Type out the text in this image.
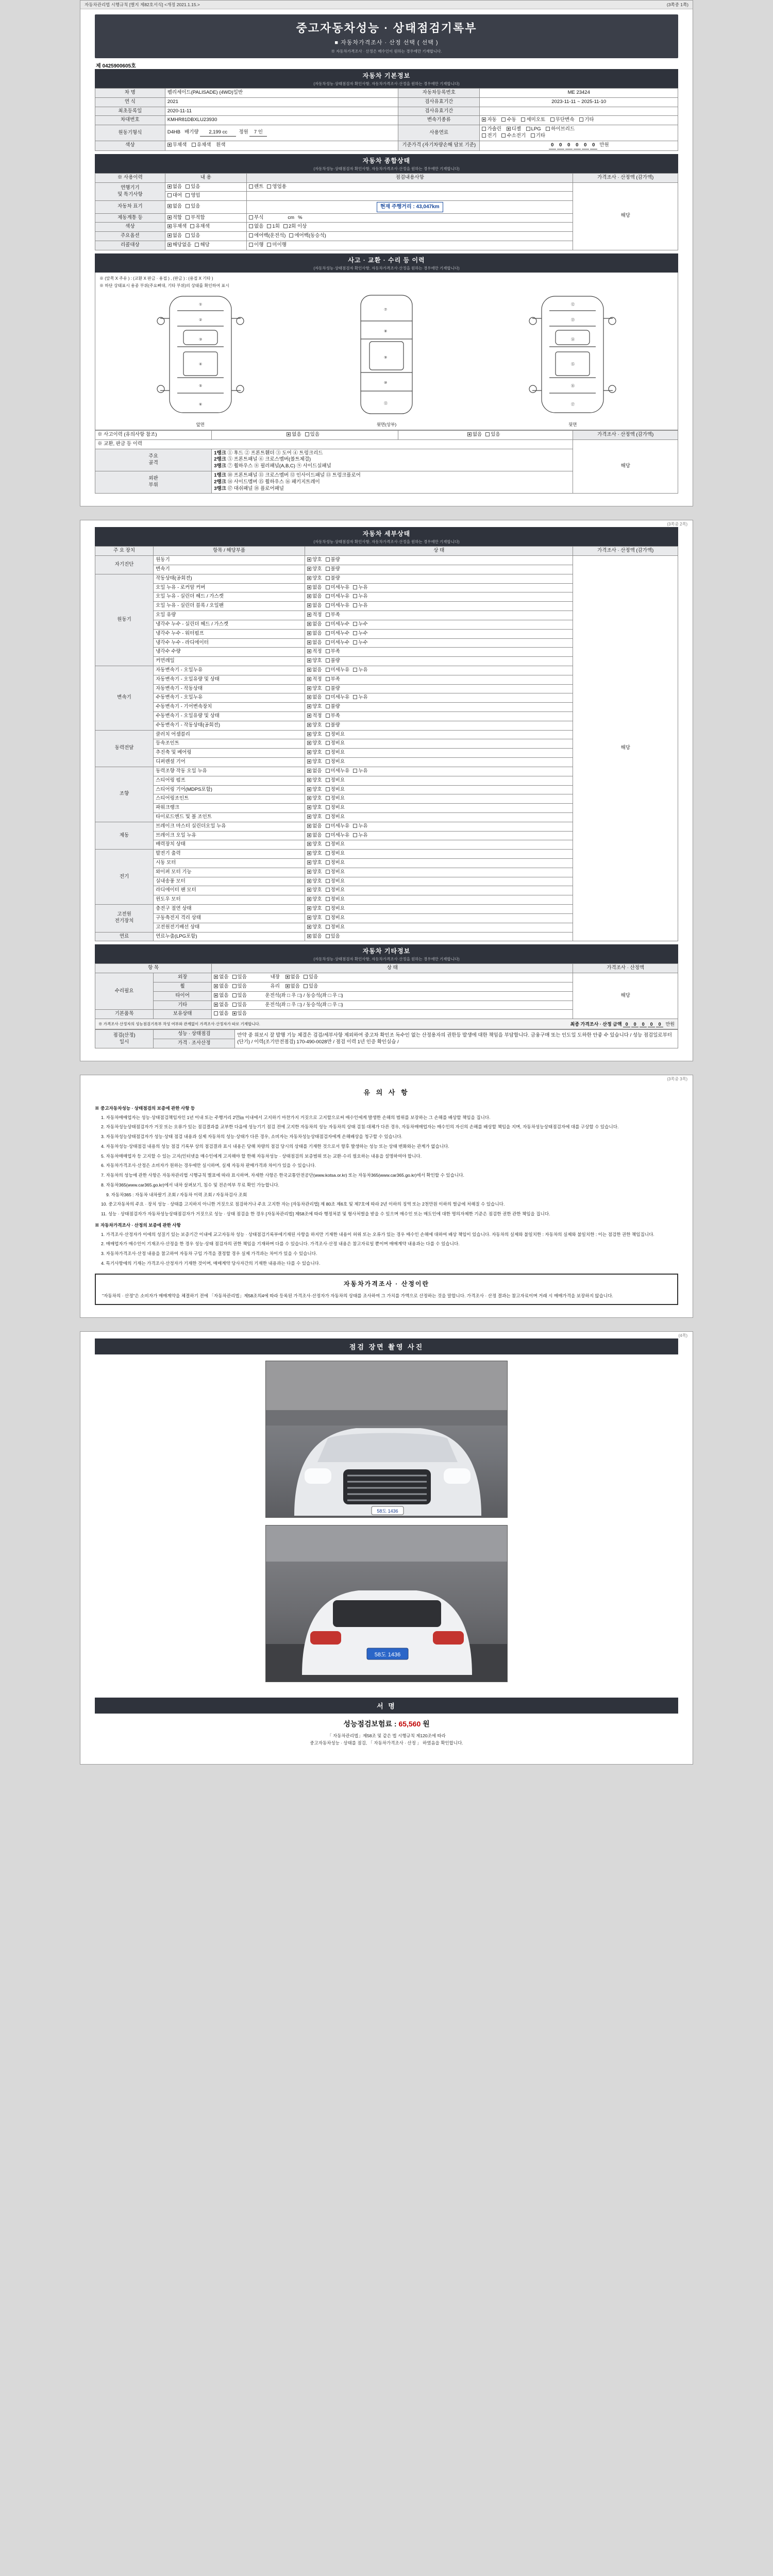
자동차관리법 시행규칙 [별지 제82호서식] <개정 2021.1.15.>	(3쪽중 1쪽)
중고자동차성능 · 상태점검기록부
■ 자동차가격조사 · 산정 선택 ( 선택 )
※ 자동차가격조사 · 산정은 매수인이 원하는 경우에만 기재합니다.
제 0425900605호
자동차 기본정보
(자동차성능·상태점검자 확인사항, 자동차가격조사·산정을 원하는 경우에만 기재합니다)
차 명	펠리세이드(PALISADE) (4WD)일반	자동차등록번호	ME 23424
연 식	2021	검사유효기간	2023-11-11 ~ 2025-11-10
최초등록일	2020-11-11	검사유효기간	
차대번호	KMHR81DBXLU23930	변속기종류	자동 수동 세미오토 무단변속 기타
원동기형식	D4HB 배기량 2,199 cc 정원 7 인	사용연료	가솔린 디젤 LPG 하이브리드
전기 수소전기 기타
색상	무채색 유채색 흰색	기준가격 (자기차량손해 담보 기준)	0 0 0 0 0 0 만원
자동차 종합상태
(자동차성능·상태점검자 확인사항, 자동차가격조사·산정을 원하는 경우에만 기재합니다)
※ 사용이력	내 용	점검내용사항	가격조사 · 산정액 (감가액)
연행기기
및 특기사항	없음 있음	렌트 영업용	해당
	대여 영업		
자동차 표기	없음 있음	현재 주행거리 : 43,047km	
제동계통 등	적합 부적합	부식 cm %	
색상	무채색 유채색	없음 1회 2회 이상	
주요옵션	없음 있음	에어백(운전석) 에어백(동승석)	
리콜대상	해당없음 해당	이행 미이행	
사고 · 교환 · 수리 등 이력
(자동차성능·상태점검자 확인사항, 자동차가격조사·산정을 원하는 경우에만 기재합니다)
※ (앞쪽 X 주유 ) : (교환 X 판금 · 용접 ) , (판금 ) : (용접 X 기타 )
※ 하단 상태표시 용종 부위(주요뼈대, 기타 부위)의 상태를 확인하여 표시
①
②
③
④
⑤
⑥
앞면
⑦
⑧
⑨
⑩
⑪
윗면(상부)
⑫
⑬
⑭
⑮
⑯
⑰
뒷면
※ 사고이력 (유의사항 참조)	없음 있음	없음 있음	가격조사 · 산정액 (감가액)
※ 교환, 판금 등 이력			해당
주요
골격	
1랭크 ① 후드 ② 프론트휀더 ③ 도어 ④ 트렁크리드
2랭크 ⑤ 프론트패널 ⑥ 크로스멤버(볼트체결)
3랭크 ⑦ 휠하우스 ⑧ 필러패널(A,B,C) ⑨ 사이드실패널

외판
부위	
1랭크 ⑩ 프론트패널 ⑪ 크로스멤버 ⑫ 인사이드패널 ⑬ 트렁크플로어
2랭크 ⑭ 사이드멤버 ⑮ 휠하우스 ⑯ 패키지트레이
3랭크 ⑰ 대쉬패널 ⑱ 플로어패널
(3쪽중 2쪽)
자동차 세부상태
(자동차성능·상태점검자 확인사항, 자동차가격조사·산정을 원하는 경우에만 기재합니다)
주 요 장치	항목 / 해당부품	상 태	가격조사 · 산정액 (감가액)
자기진단	원동기	양호 불량	해당
	변속기	양호 불량	
원동기	작동상태(공회전)	양호 불량	
	오일 누유 - 로커암 커버	없음 미세누유 누유	
	오일 누유 - 실린더 헤드 / 가스켓	없음 미세누유 누유	
	오일 누유 - 실린더 블록 / 오일팬	없음 미세누유 누유	
	오일 유량	적정 부족	
	냉각수 누수 - 실린더 헤드 / 가스켓	없음 미세누수 누수	
	냉각수 누수 - 워터펌프	없음 미세누수 누수	
	냉각수 누수 - 라디에이터	없음 미세누수 누수	
	냉각수 수량	적정 부족	
	커먼레일	양호 불량	
변속기	자동변속기 - 오일누유	없음 미세누유 누유	
	자동변속기 - 오일유량 및 상태	적정 부족	
	자동변속기 - 작동상태	양호 불량	
	수동변속기 - 오일누유	없음 미세누유 누유	
	수동변속기 - 기어변속장치	양호 불량	
	수동변속기 - 오일유량 및 상태	적정 부족	
	수동변속기 - 작동상태(공회전)	양호 불량	
동력전달	클러치 어셈블리	양호 정비요	
	등속조인트	양호 정비요	
	추진축 및 베어링	양호 정비요	
	디퍼렌셜 기어	양호 정비요	
조향	동력조향 작동 오일 누유	없음 미세누유 누유	
	스티어링 펌프	양호 정비요	
	스티어링 기어(MDPS포함)	양호 정비요	
	스티어링조인트	양호 정비요	
	파워크랭크	양호 정비요	
	타이로드엔드 및 볼 조인트	양호 정비요	
제동	브레이크 마스터 실린더오일 누유	없음 미세누유 누유	
	브레이크 오일 누유	없음 미세누유 누유	
	배력장치 상태	양호 정비요	
전기	발전기 출력	양호 정비요	
	시동 모터	양호 정비요	
	와이퍼 모터 기능	양호 정비요	
	실내송풍 모터	양호 정비요	
	라디에이터 팬 모터	양호 정비요	
	윈도우 모터	양호 정비요	
고전원
전기장치	충전구 절연 상태	양호 정비요	
	구동축전지 격리 상태	양호 정비요	
	고전원전기배선 상태	양호 정비요	
연료	연료누출(LPG포함)	없음 있음	
자동차 기타정보
(자동차성능·상태점검자 확인사항, 자동차가격조사·산정을 원하는 경우에만 기재합니다)
항 목		상 태	가격조사 · 산정액
수리필요	외장	없음 있음 내장 없음 있음	해당
	휠	없음 있음 유리 없음 있음	
	타이어	없음 있음 운전석(좌 □ 우 □) / 동승석(좌 □ 우 □)	
	기타	없음 있음 운전석(좌 □ 우 □) / 동승석(좌 □ 우 □)	
기본품목	보유상태	없음 있음	
※ 가격조사·산정자의 성능점검기록부 작성 여부와 관계없이 가격조사·산정자가 따로 기재합니다.	최종 가격조사 · 산정 금액 0 0 0 0 0 만원
점검(산정)
일시	성능 · 상태점검	만약 중 위보시 잘 발행 기능 체결은 검검/세부사항 제외하여 중고차 확인조 독수인 없는 산정용자의 권한등 발생에 대한 책임을 부담합니다. 금융구매 또는 인도일 도하한 안좋 수 있습니다 / 성능 점검일로부터 (단기) / 이력(조기안전점검) 170-490-0028만 / 점검 이력 1년 인증 확인실습 /
가격 · 조사산정
(3쪽중 3쪽)
유 의 사 항

※ 중고자동차성능 · 상태점검의 보증에 관한 사항 등

1. 자동차매매업자는 성능·상태점검책임자인 1년 이내 또는 주행거리 2만㎞ 이내에서 고지하기 마찬가지 거짓으로 고지할으로써 매수인에게 발생한 손해의 범위를 보장하는 그 손해를 배상할 책임을 집니다.

2. 자동차성능상태점검자가 거짓 또는 오류가 있는 점검결과를 교부한 다음에 성능기기 점검 전에 고지한 자동차의 성능 자동차의 상태 검침·대체가 다른 경우, 자동차매매업자는 매수인의 자신의 손해를 배상할 책임을 지며, 자동차성능상태점검자에 대를 구상할 수 있습니다.

3. 자동차성능상태점검자가 성능·상태 점검 내용과 실제 자동차의 성능·상태가 다른 경우, 소비자는 자동차성능상태점검자에게 손해배상을 청구할 수 있습니다.

4. 자동차성능·상태점검 내용의 성능 점검 기록부 상의 점검결과 표시 내용은 당해 차량의 점검 당시의 상태를 기재한 것으로서 향후 발생하는 성능 또는 상태 변화와는 관계가 없습니다.

5. 자동차매매업자 등 고지할 수 있는 고지(인터넷을 매수인에게 고지해야 할 한해 자동차성능 · 상태점검의 보증범위 또는 교환·수리 필요하는 내용을 설명하여야 합니다.

6. 자동차가격조사·산정은 소비자가 원하는 경우에만 실시하며, 실제 자동차 판매가격과 차이가 있을 수 있습니다.

7. 자동차의 성능에 관한 사항은 자동차관리법 시행규칙 별표에 따라 표시하며, 자세한 사항은 한국교통안전공단(www.kotsa.or.kr) 또는 자동차365(www.car365.go.kr)에서 확인할 수 있습니다.

8. 자동차365(www.car365.go.kr)에서 내차 살펴보기, 침수 및 전손여부 무료 확인 가능합니다.

9. 자동차365 : 자동차 내차팔기 조회 / 자동차 이력 조회 / 자동차검사 조회

10. 중고자동차의 주요 · 장치 성능 · 상태를 고지하지 아니한 거짓으로 점검하거나 주요 고지한 자는 [자동차관리법] 제 80조 제6호 및 제7호에 따라 2년 이하의 징역 또는 2천만원 이하의 벌금에 처해질 수 있습니다.

11. 성능 · 상태점검자가 자동차성능상태점검자가 거짓으로 성능 · 상태 점검을 한 경우 [자동차관리법] 제58조에 따라 행정처분 및 형사처벌을 받을 수 있으며 매수인 또는 매도인에 대한 명의자제한 기준은 점검한 권한 관한 책임을 집니다.

※ 자동차가격조사 · 산정의 보증에 관한 사항

1. 가격조사·산정자가 이에의 성질기 있는 보증기간 이내에 교고자동차 성능 · 상태점검기록부에기재된 사항을 하지만 기재한 내용이 허위 또는 오류가 있는 경우 매수인 손해에 대하여 배상 책임이 있습니다. 자동차의 실제와 불일치한 : 자동차의 실제와 불일치한 : 이는 점검한 권한 책임집니다.

2. 매매업자가 매수인이 기재조사·산정을 한 경우 성능·상태 점검자의 권한 책임을 기재하며 다를 수 있습니다. 가격조사·산정 내용은 참고자료일 뿐이며 매매계약 내용과는 다를 수 있습니다.

3. 자동차가격조사·산정 내용을 참고하여 자동차 구입 가격을 결정할 경우 실제 가격과는 차이가 있을 수 있습니다.

4. 특기사항에의 기재는 가격조사·산정자가 기재한 것이며, 매매계약 당사자간의 기재한 내용과는 다를 수 있습니다.

자동차가격조사 · 산정이란
"자동차의 · 산정"은 소비자가 매매계약을 체결하기 전에 「자동차관리법」제58조의4에 따라 등록된 가격조사·산정자가 자동차의 상태를 조사하여 그 가치를 가액으로 산정하는 것을 말합니다. 가격조사 · 산정 결과는 참고자료이며 거래 시 매매가격을 보장하지 않습니다.
(4쪽)
점검 장면 촬영 사진
58도 1436
58도 1436
서 명
성능점검보험료 : 65,560 원
「 자동차관리법」제58조 및 같은 법 시행규칙 제120조에 따라
중고자동차성능 · 상태를 점검, 「 자동차가격조사 · 산정 」 하였음을 확인합니다.
